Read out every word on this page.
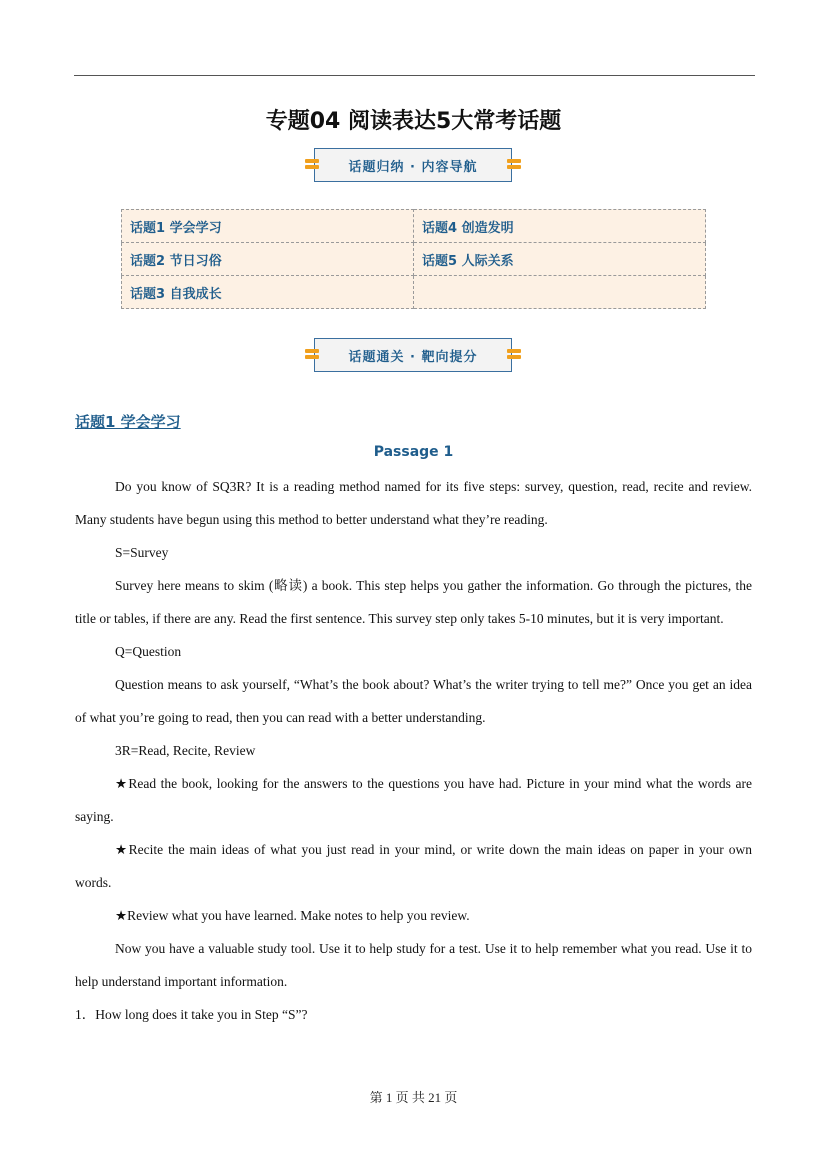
专题04 阅读表达5大常考话题
话题归纳 · 内容导航
话题1 学会学习	话题4 创造发明
话题2 节日习俗	话题5 人际关系
话题3 自我成长	
话题通关 · 靶向提分
话题1 学会学习
Passage 1

Do you know of SQ3R? It is a reading method named for its five steps: survey, question, read, recite and review. Many students have begun using this method to better understand what they’re reading.

S=Survey

Survey here means to skim (略读) a book. This step helps you gather the information. Go through the pictures, the title or tables, if there are any. Read the first sentence. This survey step only takes 5-10 minutes, but it is very important.

Q=Question

Question means to ask yourself, “What’s the book about? What’s the writer trying to tell me?” Once you get an idea of what you’re going to read, then you can read with a better understanding.

3R=Read, Recite, Review

★Read the book, looking for the answers to the questions you have had. Picture in your mind what the words are saying.

★Recite the main ideas of what you just read in your mind, or write down the main ideas on paper in your own words.

★Review what you have learned. Make notes to help you review.

Now you have a valuable study tool. Use it to help study for a test. Use it to help remember what you read. Use it to help understand important information.

1．How long does it take you in Step “S”?

第 1 页 共 21 页
